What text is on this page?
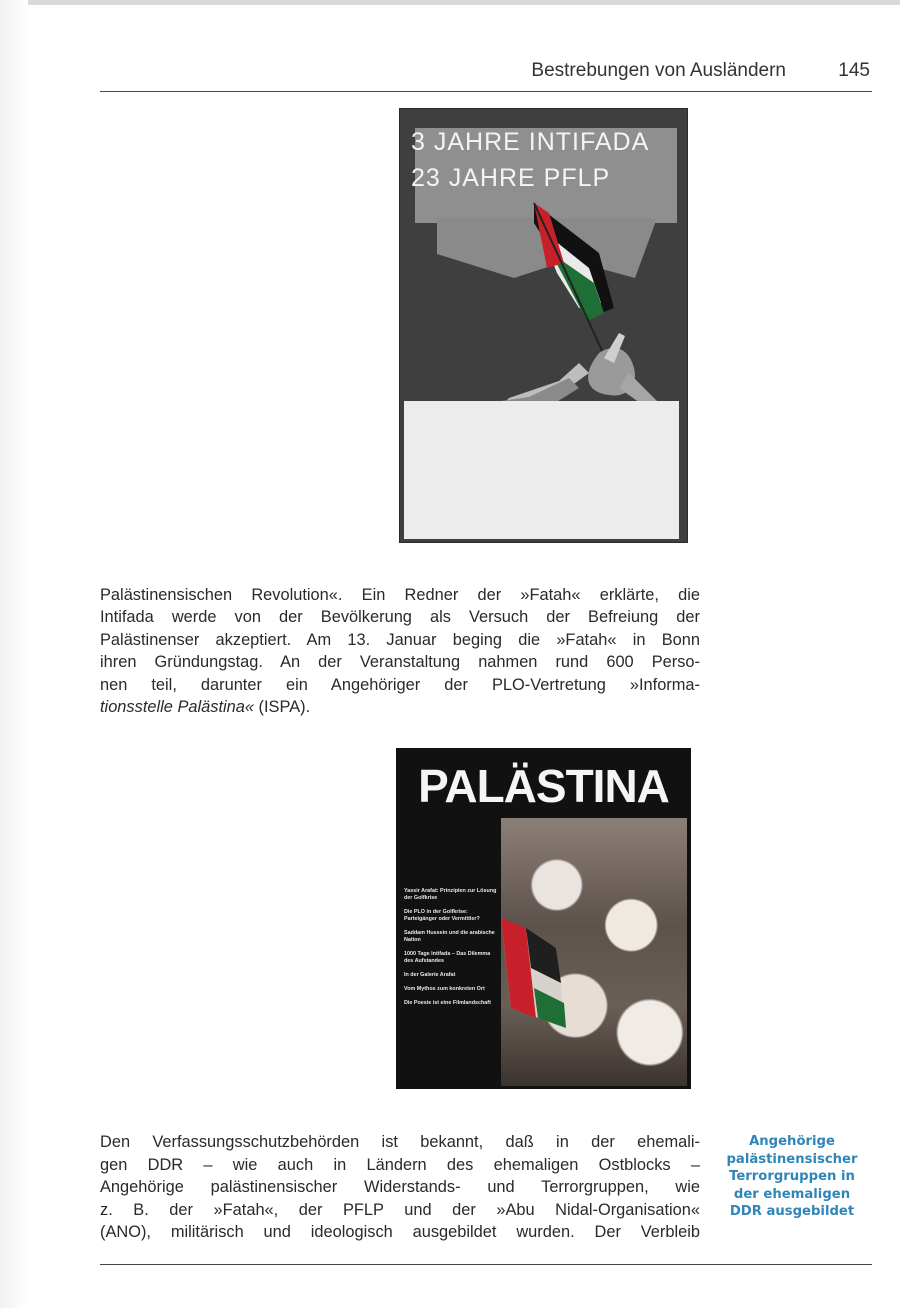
Bestrebungen von Ausländern	145
3 JAHRE INTIFADA
23 JAHRE PFLP
Palästinensischen Revolution«. Ein Redner der »Fatah« erklärte, die
Intifada werde von der Bevölkerung als Versuch der Befreiung der
Palästinenser akzeptiert. Am 13. Januar beging die »Fatah« in Bonn
ihren Gründungstag. An der Veranstaltung nahmen rund 600 Perso-
nen teil, darunter ein Angehöriger der PLO-Vertretung »Informa-
tionsstelle Palästina« (ISPA).
PALÄSTINA
Yassir Arafat: Prinzipien zur Lösung der Golfkrise
Die PLO in der Golfkrise: Parteigänger oder Vermittler?
Saddam Hussein und die arabische Nation
1000 Tage Intifada – Das Dilemma des Aufstandes
In der Galerie Arafat
Vom Mythos zum konkreten Ort
Die Poesie ist eine Filmlandschaft
Den Verfassungsschutzbehörden ist bekannt, daß in der ehemali-
gen DDR – wie auch in Ländern des ehemaligen Ostblocks –
Angehörige palästinensischer Widerstands- und Terrorgruppen, wie
z. B. der »Fatah«, der PFLP und der »Abu Nidal-Organisation«
(ANO), militärisch und ideologisch ausgebildet wurden. Der Verbleib
Angehörige
palästinensischer
Terrorgruppen in
der ehemaligen
DDR ausgebildet
